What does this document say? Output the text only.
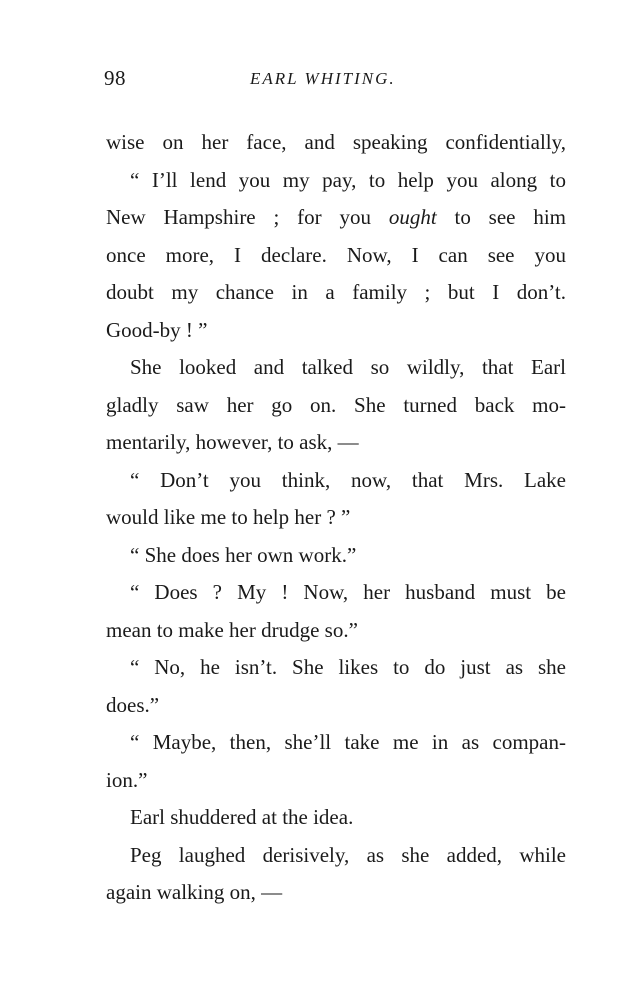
98	EARL WHITING.
wise on her face, and speaking confidentially,
“ I’ll lend you my pay, to help you along to
New Hampshire ; for you ought to see him
once more, I declare. Now, I can see you
doubt my chance in a family ; but I don’t.
Good-by ! ”
She looked and talked so wildly, that Earl
gladly saw her go on. She turned back mo-
mentarily, however, to ask, —
“ Don’t you think, now, that Mrs. Lake
would like me to help her ? ”
“ She does her own work.”
“ Does ? My ! Now, her husband must be
mean to make her drudge so.”
“ No, he isn’t. She likes to do just as she
does.”
“ Maybe, then, she’ll take me in as compan-
ion.”
Earl shuddered at the idea.
Peg laughed derisively, as she added, while
again walking on, —
